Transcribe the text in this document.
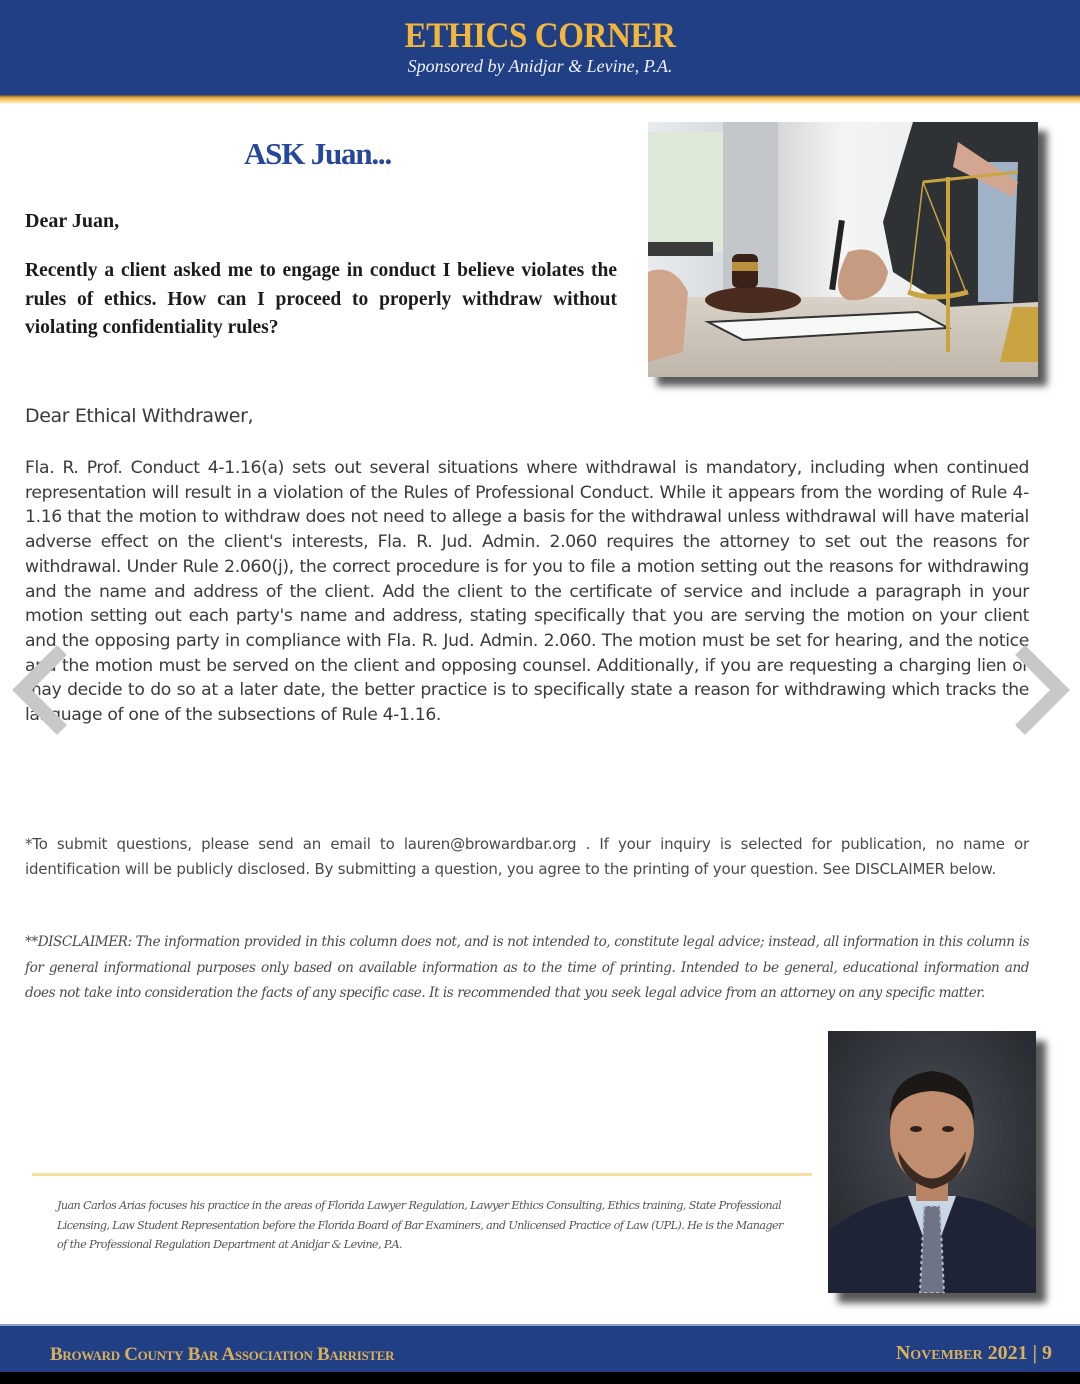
ETHICS CORNER
Sponsored by Anidjar & Levine, P.A.
ASK Juan...
Dear Juan,
Recently a client asked me to engage in conduct I believe violates the rules of ethics. How can I proceed to properly withdraw without violating confidentiality rules?
Dear Ethical Withdrawer,
Fla. R. Prof. Conduct 4-1.16(a) sets out several situations where withdrawal is mandatory, including when continued representation will result in a violation of the Rules of Professional Conduct. While it appears from the wording of Rule 4-1.16 that the motion to withdraw does not need to allege a basis for the withdrawal unless withdrawal will have material adverse effect on the client's interests, Fla. R. Jud. Admin. 2.060 requires the attorney to set out the reasons for withdrawal. Under Rule 2.060(j), the correct procedure is for you to file a motion setting out the reasons for withdrawing and the name and address of the client. Add the client to the certificate of service and include a paragraph in your motion setting out each party's name and address, stating specifically that you are serving the motion on your client and the opposing party in compliance with Fla. R. Jud. Admin. 2.060. The motion must be set for hearing, and the notice and the motion must be served on the client and opposing counsel. Additionally, if you are requesting a charging lien or may decide to do so at a later date, the better practice is to specifically state a reason for withdrawing which tracks the language of one of the subsections of Rule 4-1.16.
*To submit questions, please send an email to lauren@browardbar.org . If your inquiry is selected for publication, no name or identification will be publicly disclosed. By submitting a question, you agree to the printing of your question. See DISCLAIMER below.
**DISCLAIMER: The information provided in this column does not, and is not intended to, constitute legal advice; instead, all information in this column is for general informational purposes only based on available information as to the time of printing. Intended to be general, educational information and does not take into consideration the facts of any specific case. It is recommended that you seek legal advice from an attorney on any specific matter.
Juan Carlos Arias focuses his practice in the areas of Florida Lawyer Regulation, Lawyer Ethics Consulting, Ethics training, State Professional Licensing, Law Student Representation before the Florida Board of Bar Examiners, and Unlicensed Practice of Law (UPL). He is the Manager of the Professional Regulation Department at Anidjar & Levine, P.A.
Broward County Bar Association Barrister	November 2021 | 9
